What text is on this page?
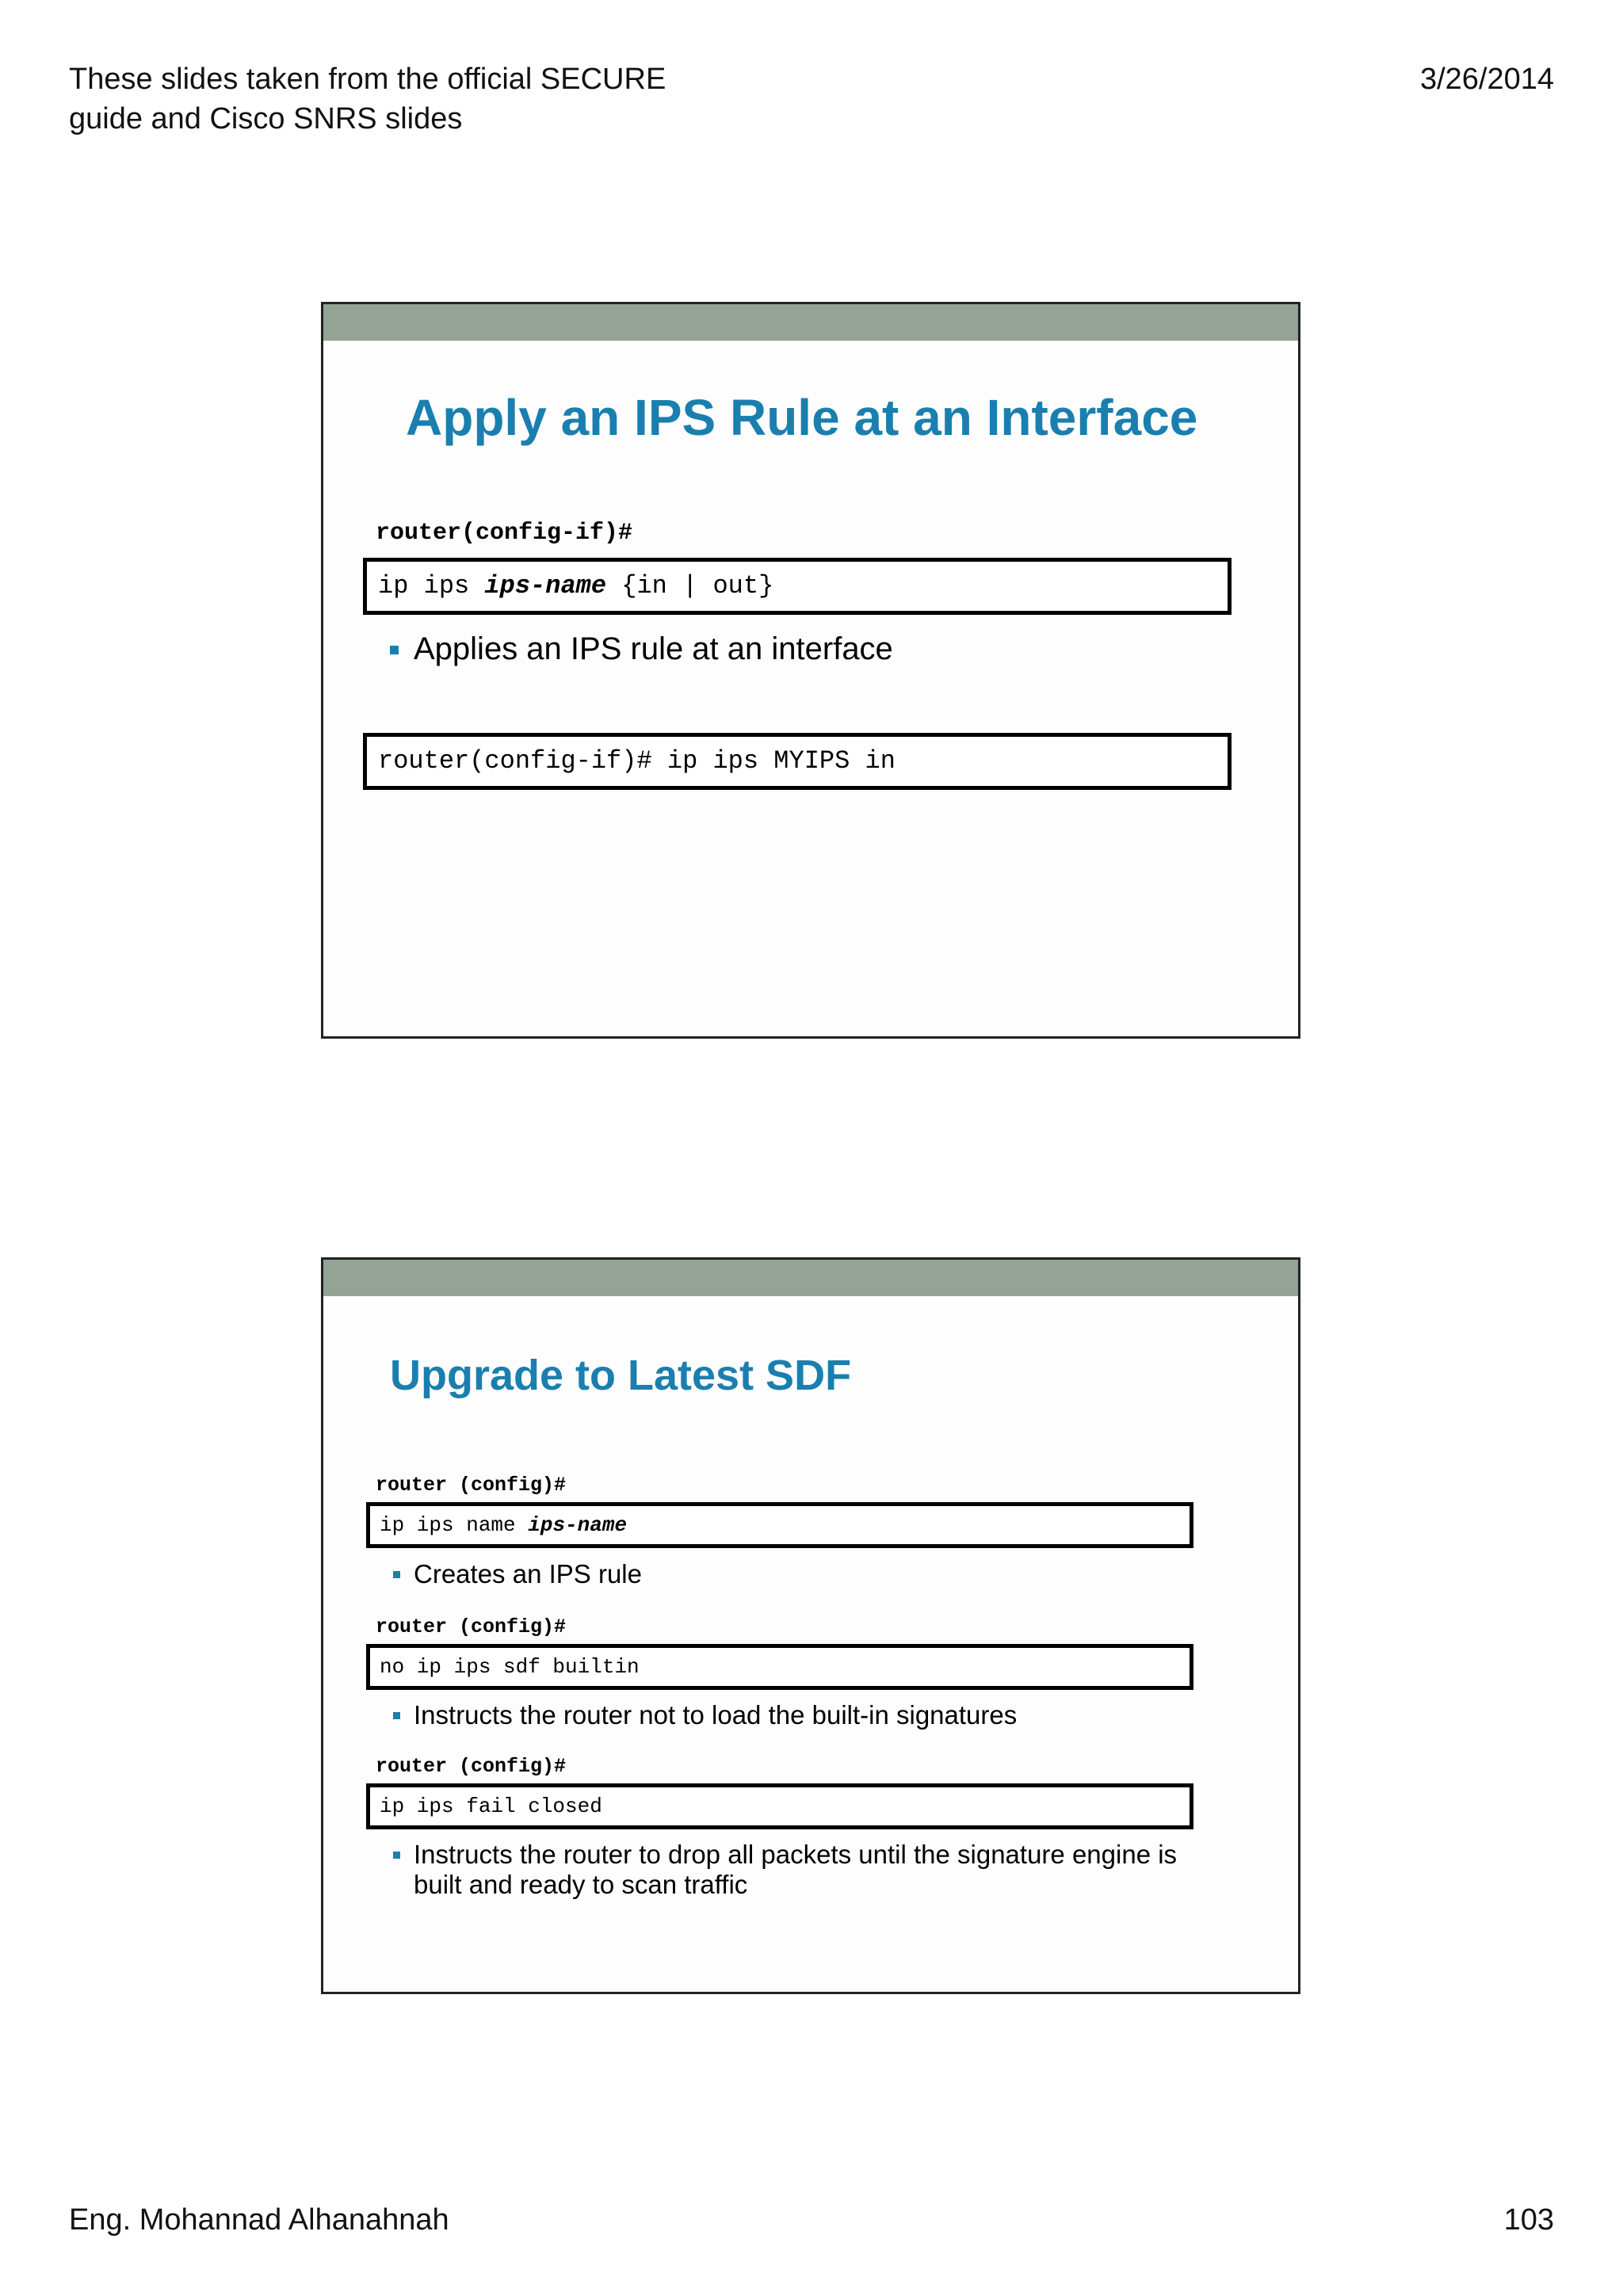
These slides taken from the official SECURE
guide and Cisco SNRS slides
3/26/2014
Apply an IPS Rule at an Interface
router(config-if)#
ip ips ips-name {in | out}
Applies an IPS rule at an interface
router(config-if)# ip ips MYIPS in
Upgrade to Latest SDF
router (config)#
ip ips name ips-name
Creates an IPS rule
router (config)#
no ip ips sdf builtin
Instructs the router not to load the built-in signatures
router (config)#
ip ips fail closed
Instructs the router to drop all packets until the signature engine is
built and ready to scan traffic
Eng. Mohannad Alhanahnah	103
